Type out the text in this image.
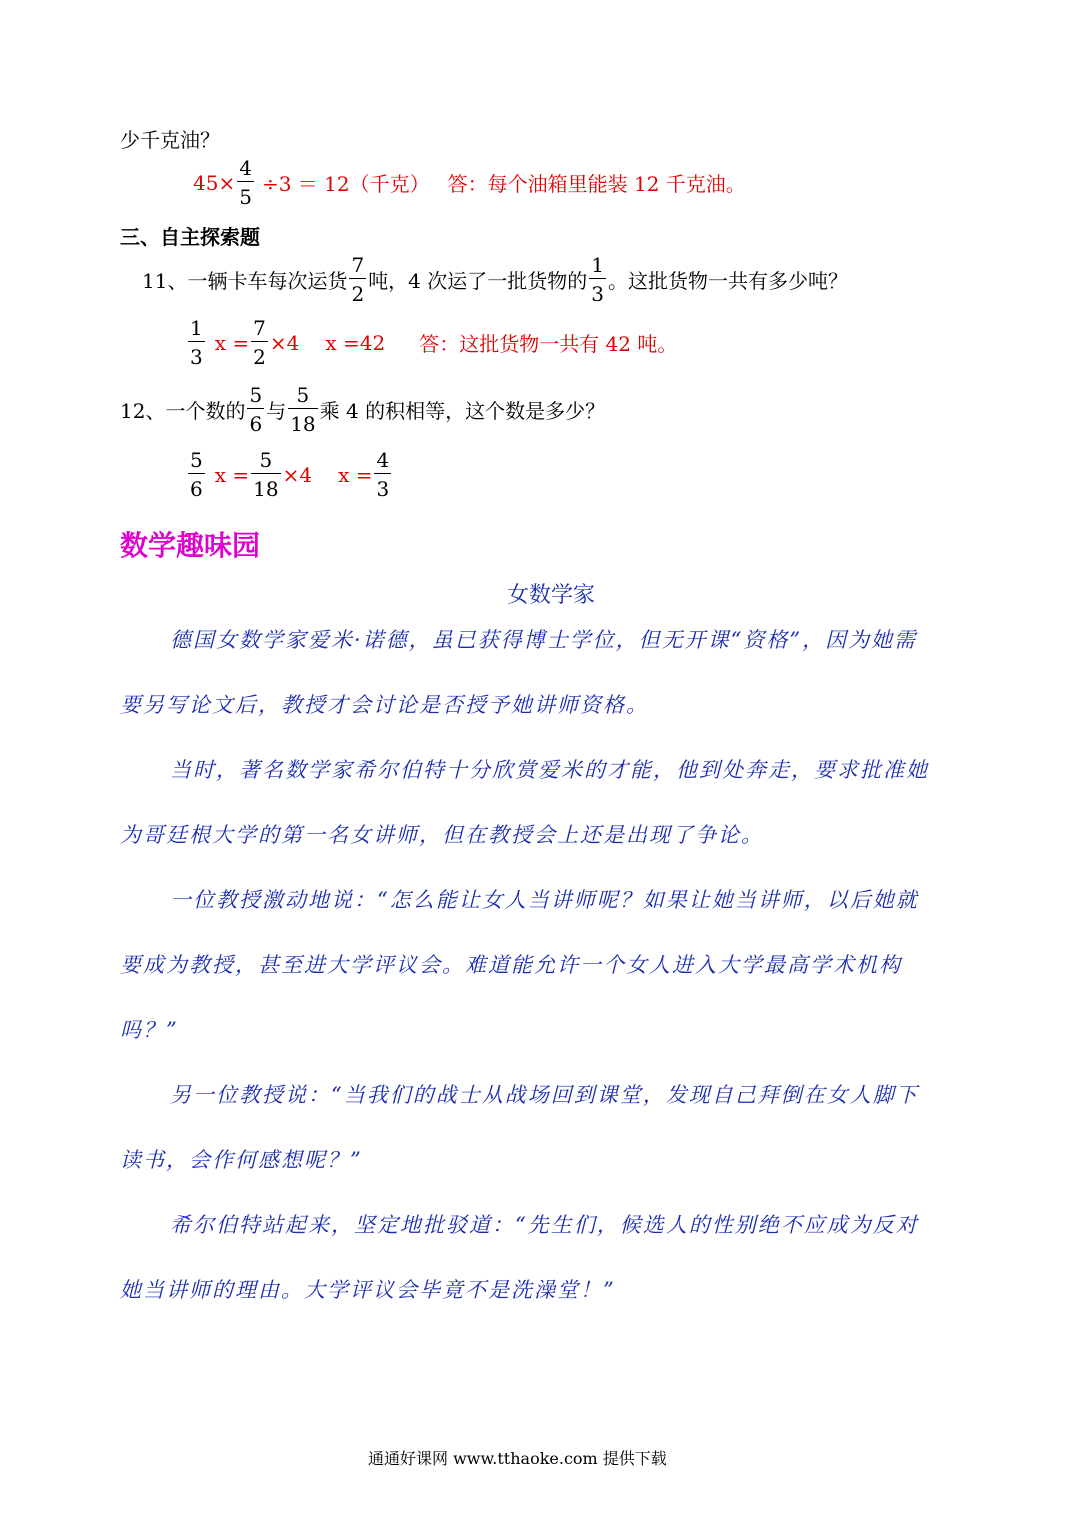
少千克油？
$45\times \frac{4}{5} \div 3 = 12$（千克） 答：每个油箱里能装 12 千克油。
三、自主探索题
11、一辆卡车每次运货 $\frac{7}{2}$ 吨，4 次运了一批货物的 $\frac{1}{3}$ 。这批货物一共有多少吨？
$\frac{1}{3}$ $x = \frac{7}{2} \times 4$ x =42 答：这批货物一共有 42 吨。
12、一个数的 $\frac{5}{6}$ 与 $\frac{5}{18}$ 乘 4 的积相等，这个数是多少？
$\frac{5}{6}$ $x = \frac{5}{18} \times 4$ $x = \frac{4}{3}$
数学趣味园
女数学家

德国女数学家爱米·诺德，虽已获得博士学位，但无开课“资格”，因为她需要另写论文后，教授才会讨论是否授予她讲师资格。

当时，著名数学家希尔伯特十分欣赏爱米的才能，他到处奔走，要求批准她为哥廷根大学的第一名女讲师，但在教授会上还是出现了争论。

一位教授激动地说：“怎么能让女人当讲师呢？如果让她当讲师，以后她就要成为教授，甚至进大学评议会。难道能允许一个女人进入大学最高学术机构吗？”

另一位教授说：“当我们的战士从战场回到课堂，发现自己拜倒在女人脚下读书，会作何感想呢？”

希尔伯特站起来，坚定地批驳道：“先生们，候选人的性别绝不应成为反对她当讲师的理由。大学评议会毕竟不是洗澡堂！”

通通好课网 www.tthaoke.com 提供下载
